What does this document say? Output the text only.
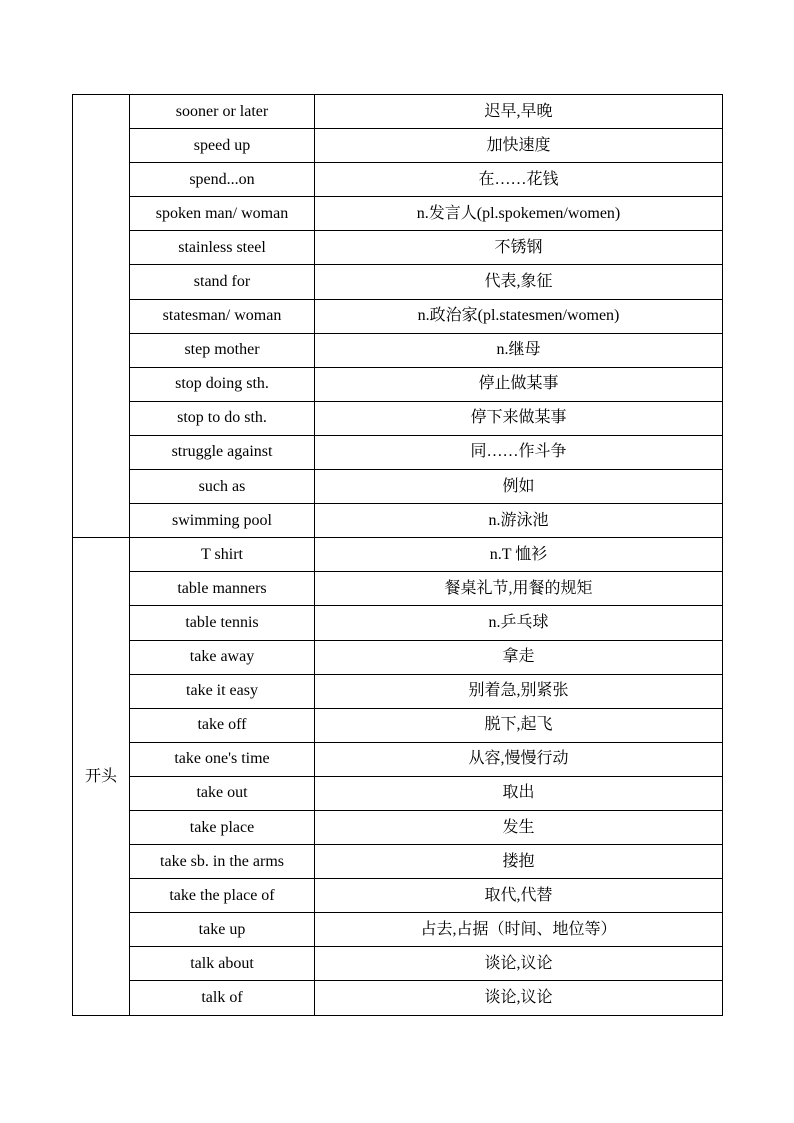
	sooner or later	迟早,早晚
	speed up	加快速度
	spend...on	在……花钱
	spoken man/ woman	n.发言人(pl.spokemen/women)
	stainless steel	不锈钢
	stand for	代表,象征
	statesman/ woman	n.政治家(pl.statesmen/women)
	step mother	n.继母
	stop doing sth.	停止做某事
	stop to do sth.	停下来做某事
	struggle against	同……作斗争
	such as	例如
	swimming pool	n.游泳池
开头	T shirt	n.T 恤衫
	table manners	餐桌礼节,用餐的规矩
	table tennis	n.乒乓球
	take away	拿走
	take it easy	别着急,别紧张
	take off	脱下,起飞
	take one's time	从容,慢慢行动
	take out	取出
	take place	发生
	take sb. in the arms	搂抱
	take the place of	取代,代替
	take up	占去,占据（时间、地位等）
	talk about	谈论,议论
	talk of	谈论,议论
